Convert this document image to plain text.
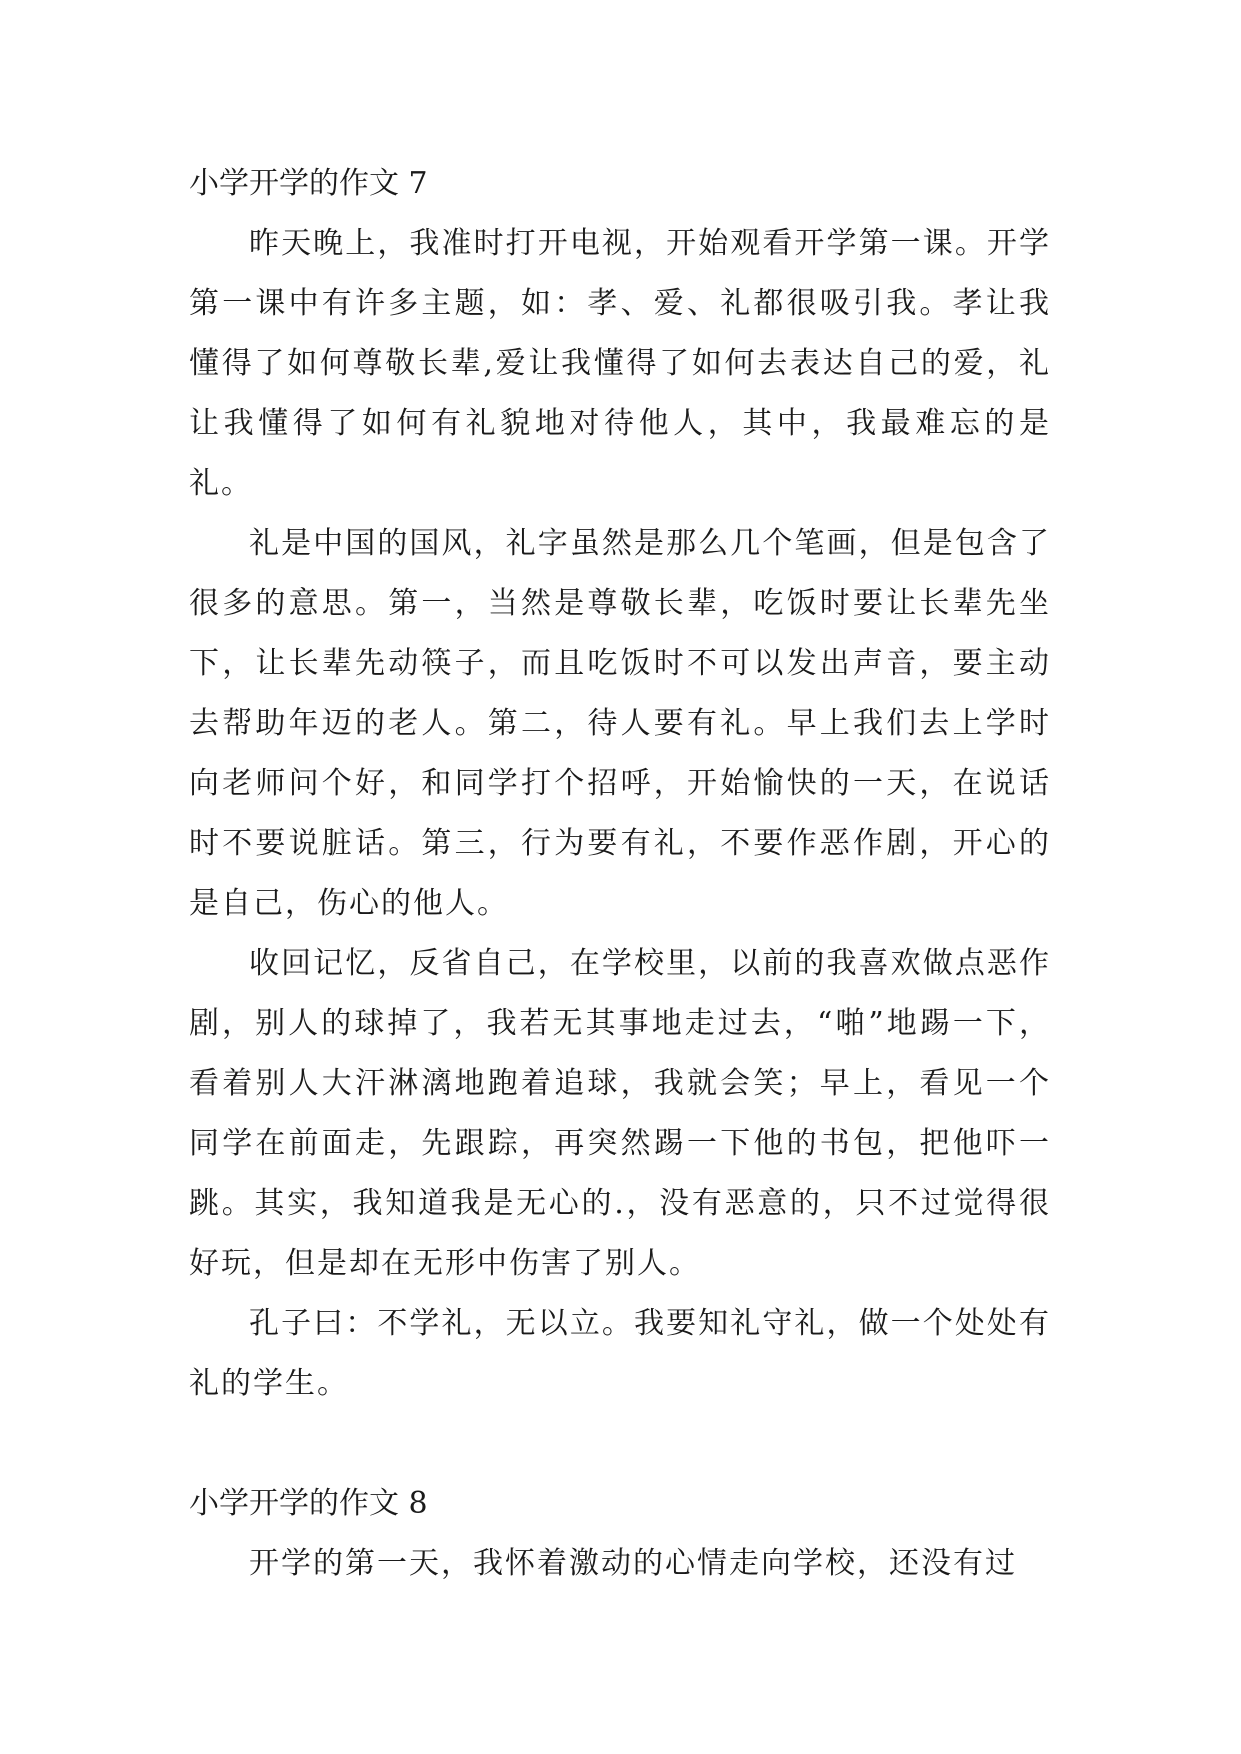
小学开学的作文 7

昨天晚上，我准时打开电视，开始观看开学第一课。开学第一课中有许多主题，如：孝、爱、礼都很吸引我。孝让我懂得了如何尊敬长辈,爱让我懂得了如何去表达自己的爱，礼让我懂得了如何有礼貌地对待他人，其中，我最难忘的是礼。

礼是中国的国风，礼字虽然是那么几个笔画，但是包含了很多的意思。第一，当然是尊敬长辈，吃饭时要让长辈先坐下，让长辈先动筷子，而且吃饭时不可以发出声音，要主动去帮助年迈的老人。第二，待人要有礼。早上我们去上学时向老师问个好，和同学打个招呼，开始愉快的一天，在说话时不要说脏话。第三，行为要有礼，不要作恶作剧，开心的是自己，伤心的他人。

收回记忆，反省自己，在学校里，以前的我喜欢做点恶作剧，别人的球掉了，我若无其事地走过去，“啪”地踢一下，看着别人大汗淋漓地跑着追球，我就会笑；早上，看见一个同学在前面走，先跟踪，再突然踢一下他的书包，把他吓一跳。其实，我知道我是无心的.，没有恶意的，只不过觉得很好玩，但是却在无形中伤害了别人。

孔子曰：不学礼，无以立。我要知礼守礼，做一个处处有礼的学生。

小学开学的作文 8

开学的第一天，我怀着激动的心情走向学校，还没有过
